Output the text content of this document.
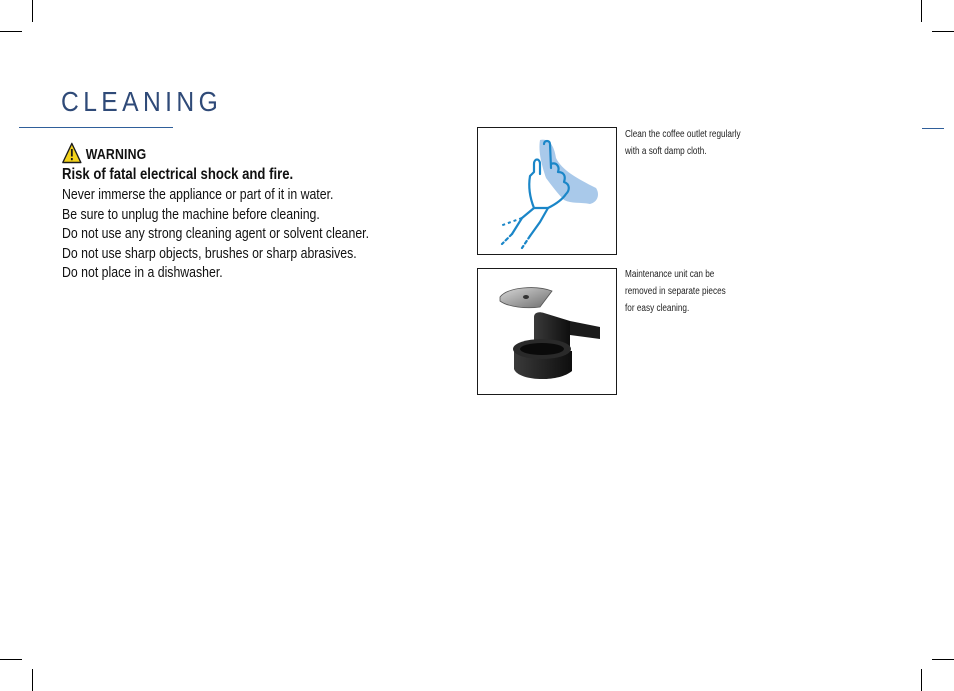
CLEANING
WARNING
Risk of fatal electrical shock and fire.
Never immerse the appliance or part of it in water.
Be sure to unplug the machine before cleaning.
Do not use any strong cleaning agent or solvent cleaner.
Do not use sharp objects, brushes or sharp abrasives.
Do not place in a dishwasher.
Clean the coffee outlet regularly
with a soft damp cloth.
Maintenance unit can be
removed in separate pieces
for easy cleaning.
